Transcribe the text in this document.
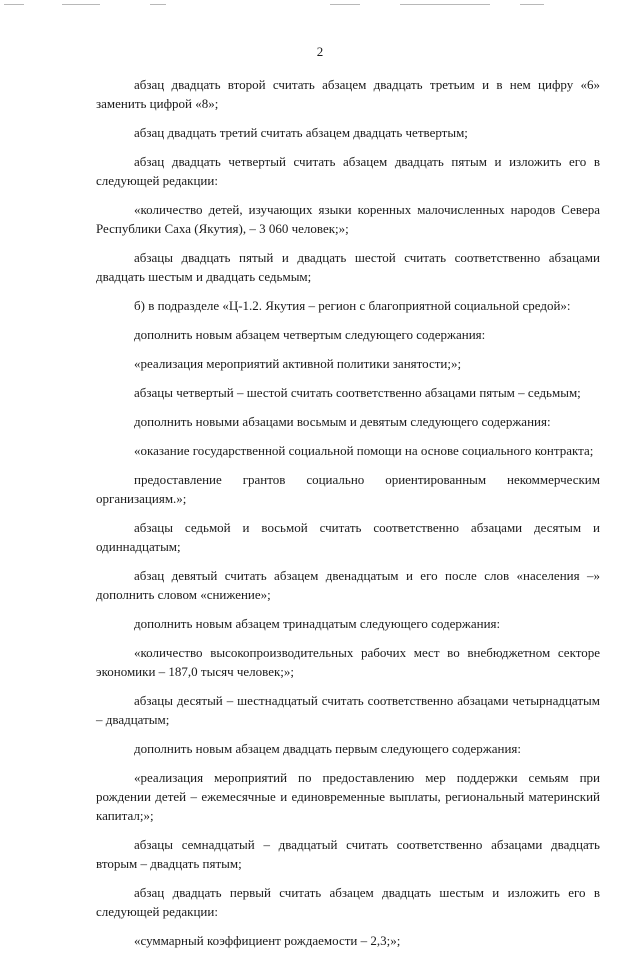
2

абзац двадцать второй считать абзацем двадцать третьим и в нем цифру «6» заменить цифрой «8»;

абзац двадцать третий считать абзацем двадцать четвертым;

абзац двадцать четвертый считать абзацем двадцать пятым и изложить его в следующей редакции:

«количество детей, изучающих языки коренных малочисленных народов Севера Республики Саха (Якутия), – 3 060 человек;»;

абзацы двадцать пятый и двадцать шестой считать соответственно абзацами двадцать шестым и двадцать седьмым;

б) в подразделе «Ц-1.2. Якутия – регион с благоприятной социальной средой»:

дополнить новым абзацем четвертым следующего содержания:

«реализация мероприятий активной политики занятости;»;

абзацы четвертый – шестой считать соответственно абзацами пятым – седьмым;

дополнить новыми абзацами восьмым и девятым следующего содержания:

«оказание государственной социальной помощи на основе социального контракта;

предоставление грантов социально ориентированным некоммерческим организациям.»;

абзацы седьмой и восьмой считать соответственно абзацами десятым и одиннадцатым;

абзац девятый считать абзацем двенадцатым и его после слов «населения –» дополнить словом «снижение»;

дополнить новым абзацем тринадцатым следующего содержания:

«количество высокопроизводительных рабочих мест во внебюджетном секторе экономики – 187,0 тысяч человек;»;

абзацы десятый – шестнадцатый считать соответственно абзацами четырнадцатым – двадцатым;

дополнить новым абзацем двадцать первым следующего содержания:

«реализация мероприятий по предоставлению мер поддержки семьям при рождении детей – ежемесячные и единовременные выплаты, региональный материнский капитал;»;

абзацы семнадцатый – двадцатый считать соответственно абзацами двадцать вторым – двадцать пятым;

абзац двадцать первый считать абзацем двадцать шестым и изложить его в следующей редакции:

«суммарный коэффициент рождаемости – 2,3;»;
